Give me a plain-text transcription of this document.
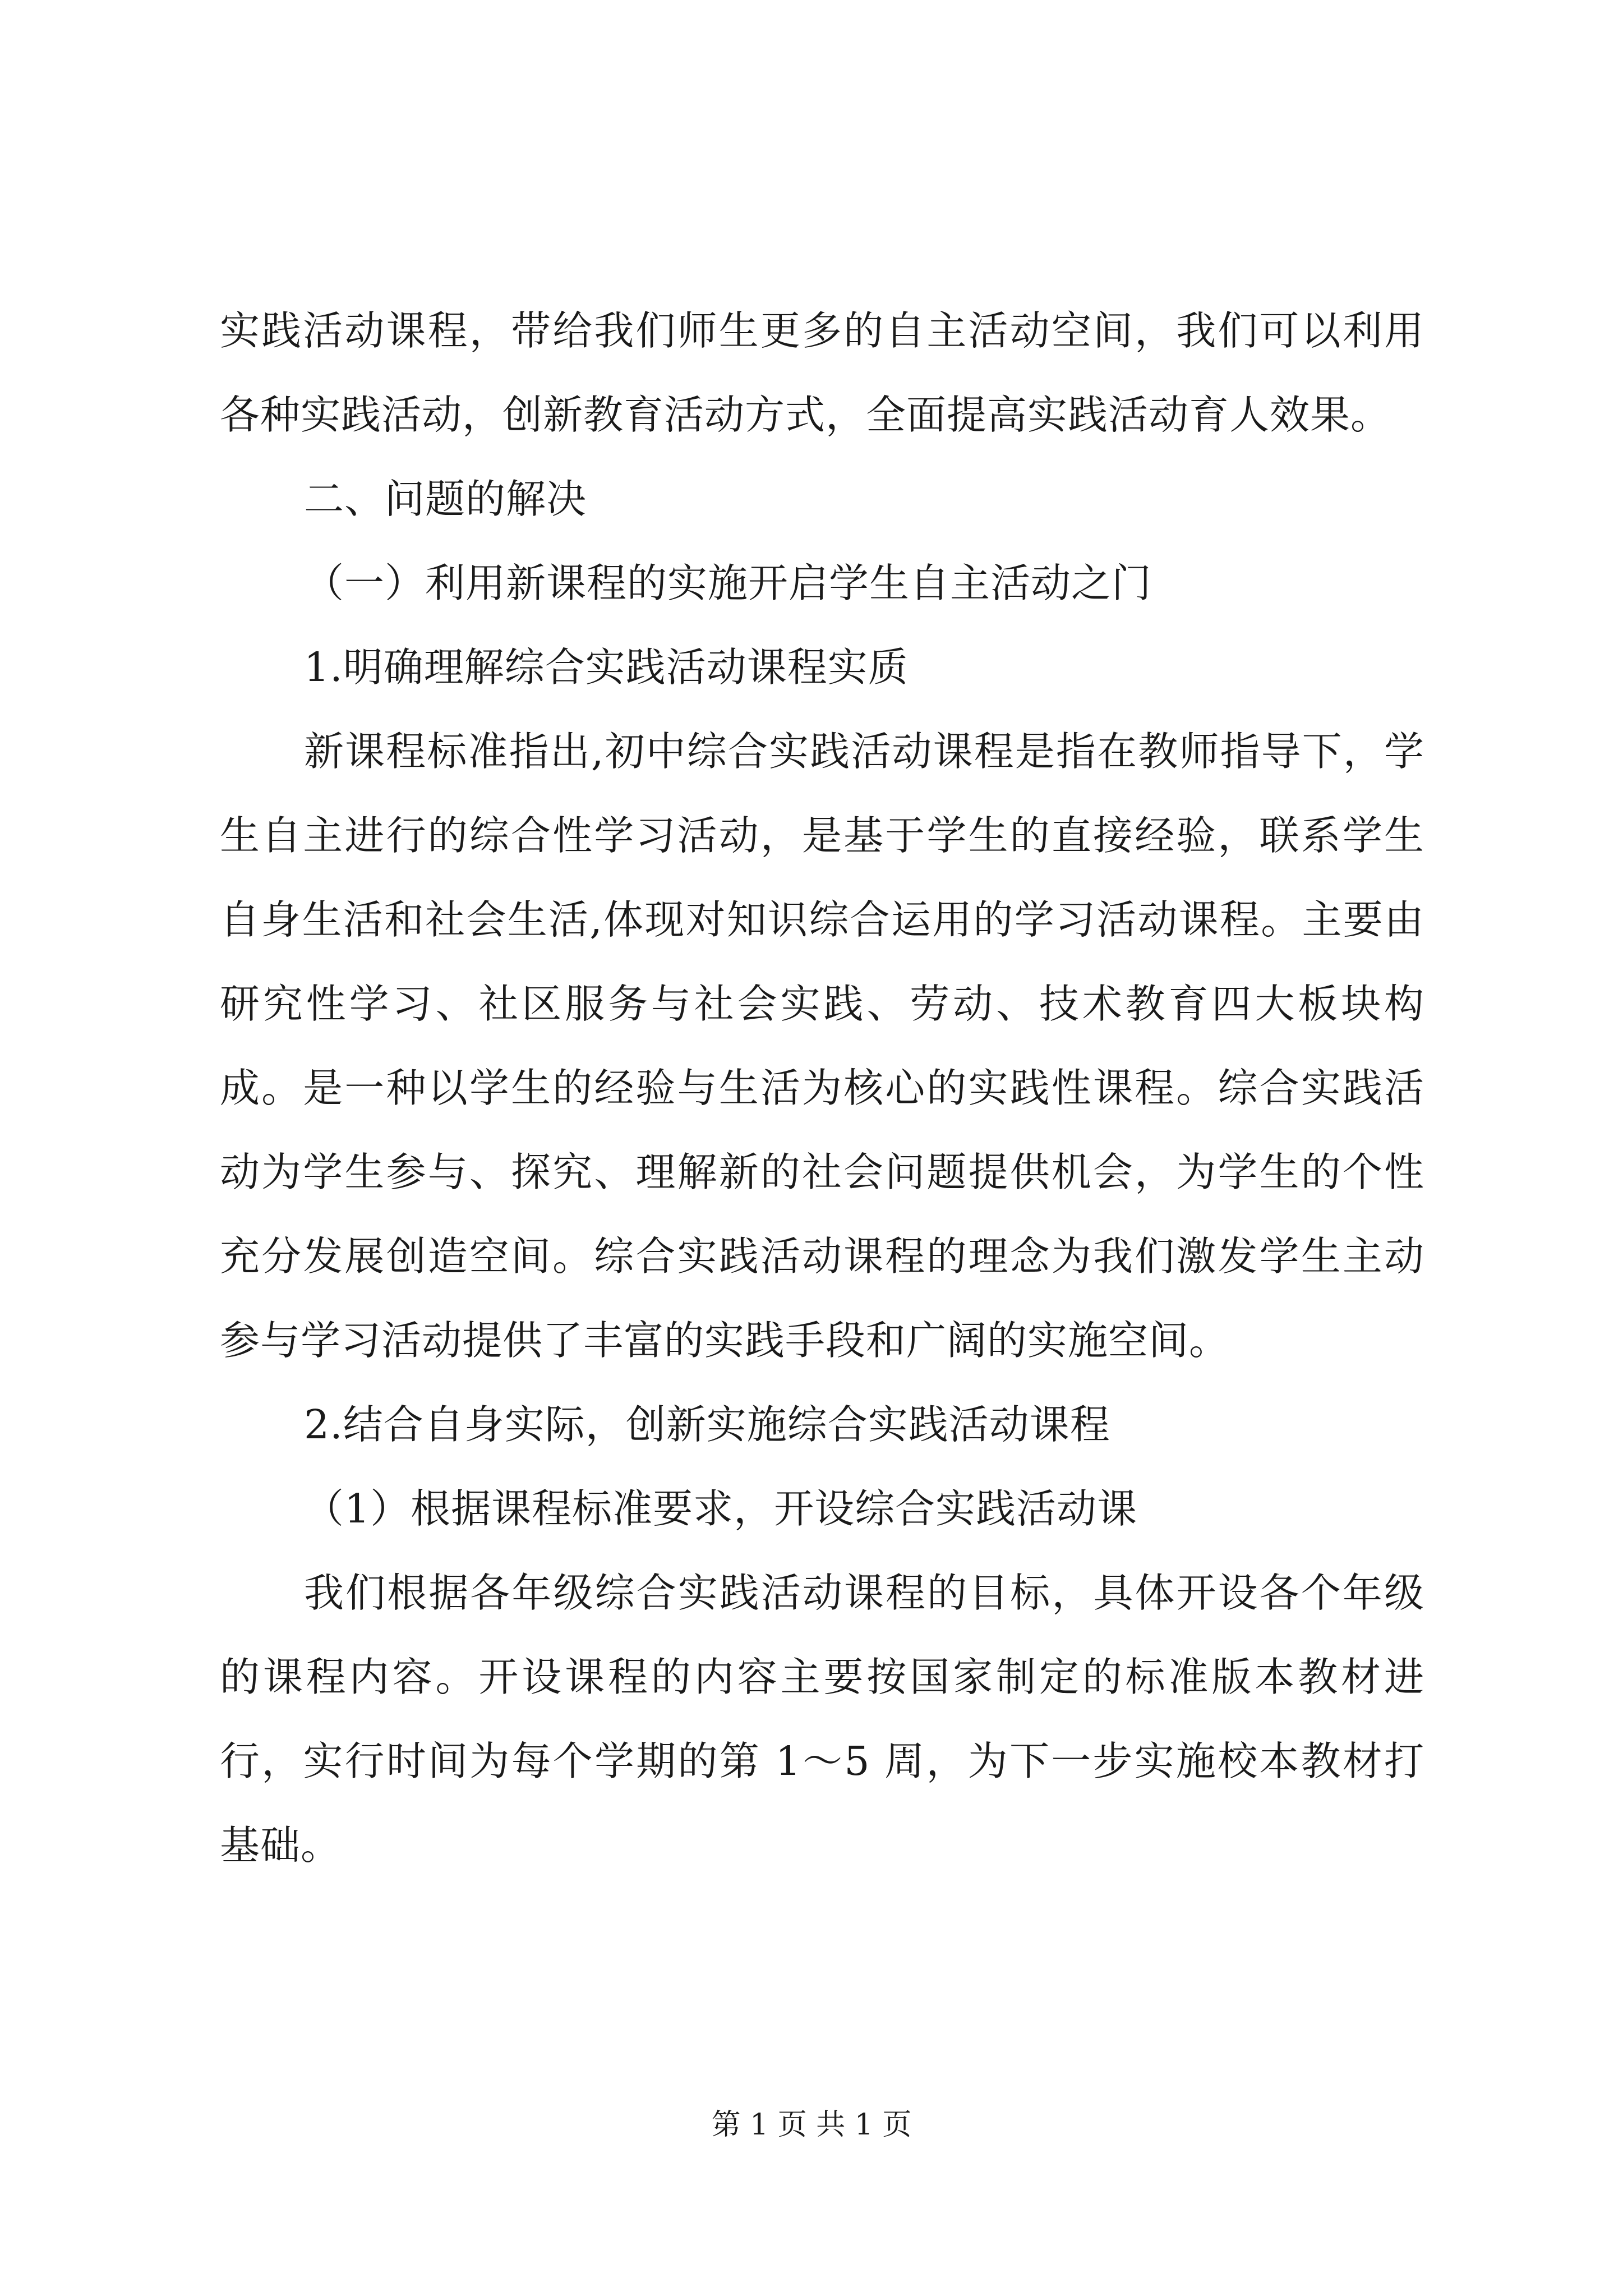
实践活动课程，带给我们师生更多的自主活动空间，我们可以利用各种实践活动，创新教育活动方式，全面提高实践活动育人效果。

二、问题的解决

（一）利用新课程的实施开启学生自主活动之门

1.明确理解综合实践活动课程实质

新课程标准指出,初中综合实践活动课程是指在教师指导下，学生自主进行的综合性学习活动，是基于学生的直接经验，联系学生自身生活和社会生活,体现对知识综合运用的学习活动课程。主要由研究性学习、社区服务与社会实践、劳动、技术教育四大板块构成。是一种以学生的经验与生活为核心的实践性课程。综合实践活动为学生参与、探究、理解新的社会问题提供机会，为学生的个性充分发展创造空间。综合实践活动课程的理念为我们激发学生主动参与学习活动提供了丰富的实践手段和广阔的实施空间。

2.结合自身实际，创新实施综合实践活动课程

（1）根据课程标准要求，开设综合实践活动课

我们根据各年级综合实践活动课程的目标，具体开设各个年级的课程内容。开设课程的内容主要按国家制定的标准版本教材进行，实行时间为每个学期的第 1～5 周，为下一步实施校本教材打基础。

第 1 页 共 1 页
